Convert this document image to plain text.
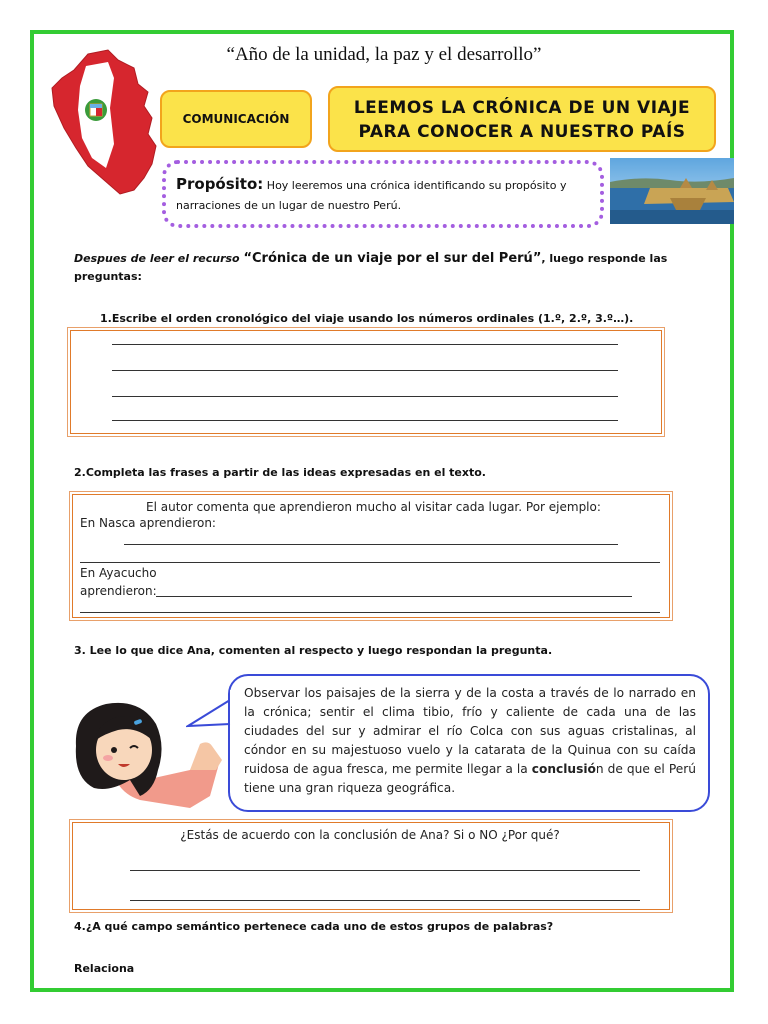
“Año de la unidad, la paz y el desarrollo”
COMUNICACIÓN
LEEMOS LA CRÓNICA DE UN VIAJE
PARA CONOCER A NUESTRO PAÍS
Propósito: Hoy leeremos una crónica identificando su propósito y narraciones de un lugar de nuestro Perú.
Despues de leer el recurso “Crónica de un viaje por el sur del Perú”, luego responde las preguntas:
1.Escribe el orden cronológico del viaje usando los números ordinales (1.º, 2.º, 3.º…).
2.Completa las frases a partir de las ideas expresadas en el texto.
El autor comenta que aprendieron mucho al visitar cada lugar. Por ejemplo:
En Nasca aprendieron:
En Ayacucho
aprendieron:
3. Lee lo que dice Ana, comenten al respecto y luego respondan la pregunta.
Observar los paisajes de la sierra y de la costa a través de lo narrado en la crónica; sentir el clima tibio, frío y caliente de cada una de las ciudades del sur y admirar el río Colca con sus aguas cristalinas, al cóndor en su majestuoso vuelo y la catarata de la Quinua con su caída ruidosa de agua fresca, me permite llegar a la conclusión de que el Perú tiene una gran riqueza geográfica.
¿Estás de acuerdo con la conclusión de Ana? Si o NO ¿Por qué?
4.¿A qué campo semántico pertenece cada uno de estos grupos de palabras?
Relaciona
